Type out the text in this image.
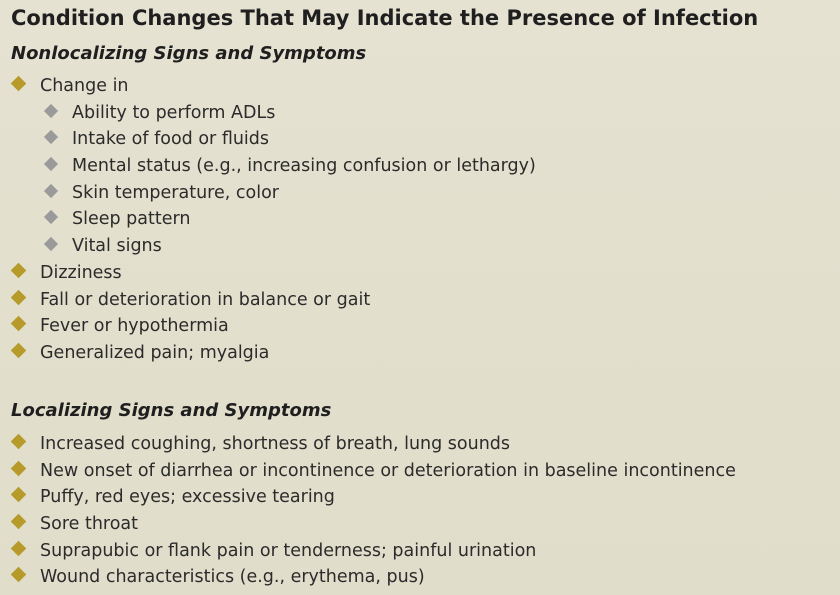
Condition Changes That May Indicate the Presence of Infection
Nonlocalizing Signs and Symptoms
Change in
Ability to perform ADLs
Intake of food or fluids
Mental status (e.g., increasing confusion or lethargy)
Skin temperature, color
Sleep pattern
Vital signs
Dizziness
Fall or deterioration in balance or gait
Fever or hypothermia
Generalized pain; myalgia
Localizing Signs and Symptoms
Increased coughing, shortness of breath, lung sounds
New onset of diarrhea or incontinence or deterioration in baseline incontinence
Puffy, red eyes; excessive tearing
Sore throat
Suprapubic or flank pain or tenderness; painful urination
Wound characteristics (e.g., erythema, pus)
